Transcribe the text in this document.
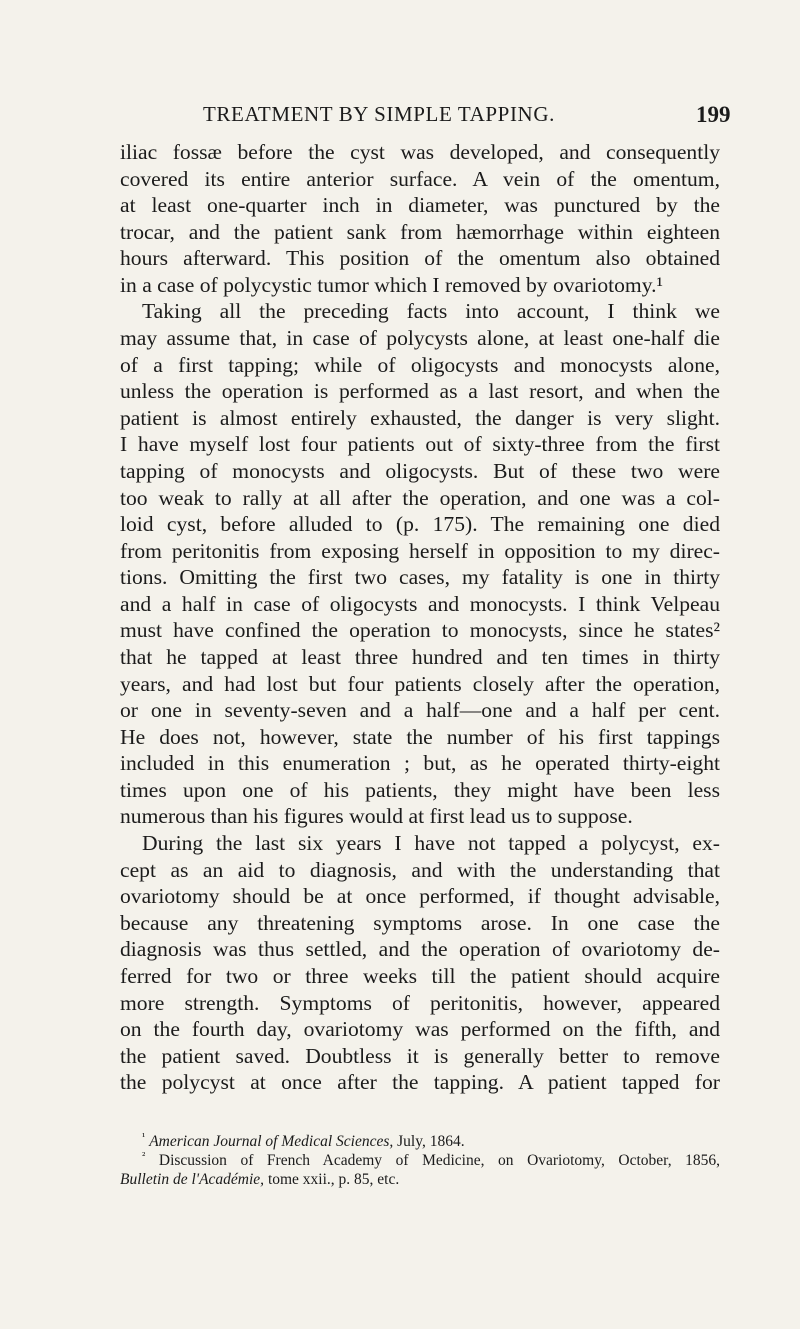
TREATMENT BY SIMPLE TAPPING.	199
iliac fossæ before the cyst was developed, and consequently
covered its entire anterior surface. A vein of the omentum,
at least one-quarter inch in diameter, was punctured by the
trocar, and the patient sank from hæmorrhage within eighteen
hours afterward. This position of the omentum also obtained
in a case of polycystic tumor which I removed by ovariotomy.¹
Taking all the preceding facts into account, I think we
may assume that, in case of polycysts alone, at least one-half die
of a first tapping; while of oligocysts and monocysts alone,
unless the operation is performed as a last resort, and when the
patient is almost entirely exhausted, the danger is very slight.
I have myself lost four patients out of sixty-three from the first
tapping of monocysts and oligocysts. But of these two were
too weak to rally at all after the operation, and one was a col-
loid cyst, before alluded to (p. 175). The remaining one died
from peritonitis from exposing herself in opposition to my direc-
tions. Omitting the first two cases, my fatality is one in thirty
and a half in case of oligocysts and monocysts. I think Velpeau
must have confined the operation to monocysts, since he states²
that he tapped at least three hundred and ten times in thirty
years, and had lost but four patients closely after the operation,
or one in seventy-seven and a half—one and a half per cent.
He does not, however, state the number of his first tappings
included in this enumeration ; but, as he operated thirty-eight
times upon one of his patients, they might have been less
numerous than his figures would at first lead us to suppose.
During the last six years I have not tapped a polycyst, ex-
cept as an aid to diagnosis, and with the understanding that
ovariotomy should be at once performed, if thought advisable,
because any threatening symptoms arose. In one case the
diagnosis was thus settled, and the operation of ovariotomy de-
ferred for two or three weeks till the patient should acquire
more strength. Symptoms of peritonitis, however, appeared
on the fourth day, ovariotomy was performed on the fifth, and
the patient saved. Doubtless it is generally better to remove
the polycyst at once after the tapping. A patient tapped for
$^{^1}$ American Journal of Medical Sciences, July, 1864.
$^{^2}$ Discussion of French Academy of Medicine, on Ovariotomy, October, 1856,
Bulletin de l'Académie, tome xxii., p. 85, etc.
